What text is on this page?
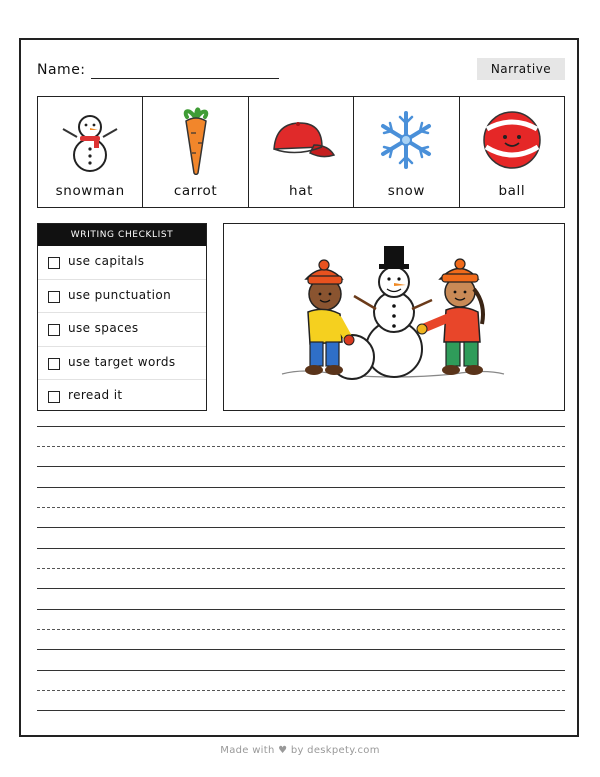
Name:	Narrative
snowman	carrot	hat	snow	ball
WRITING CHECKLIST
use capitals
use punctuation
use spaces
use target words
reread it
Made with ♥ by deskpety.com
